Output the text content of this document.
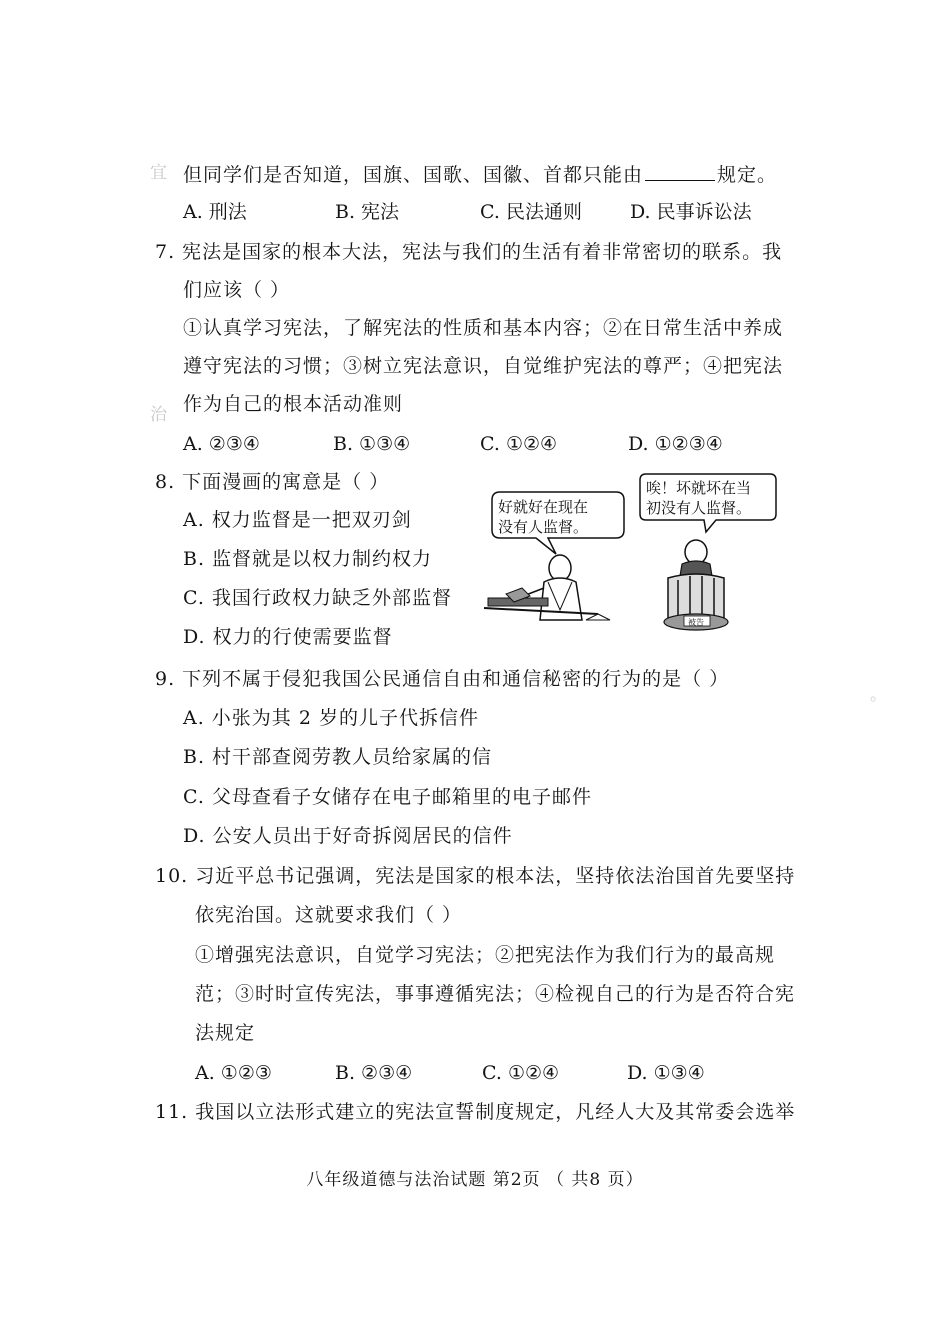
宜
治
。
但同学们是否知道，国旗、国歌、国徽、首都只能由	规定。
A. 刑法	B. 宪法	C. 民法通则	D. 民事诉讼法
7. 宪法是国家的根本大法，宪法与我们的生活有着非常密切的联系。我
们应该（ ）
①认真学习宪法，了解宪法的性质和基本内容；②在日常生活中养成
遵守宪法的习惯；③树立宪法意识，自觉维护宪法的尊严；④把宪法
作为自己的根本活动准则
A. ②③④	B. ①③④	C. ①②④	D. ①②③④
8. 下面漫画的寓意是（ ）
A. 权力监督是一把双刃剑
B. 监督就是以权力制约权力
C. 我国行政权力缺乏外部监督
D. 权力的行使需要监督
好就好在现在
没有人监督。
唉！坏就坏在当
初没有人监督。
被告
9. 下列不属于侵犯我国公民通信自由和通信秘密的行为的是（ ）
A. 小张为其 2 岁的儿子代拆信件
B. 村干部查阅劳教人员给家属的信
C. 父母查看子女储存在电子邮箱里的电子邮件
D. 公安人员出于好奇拆阅居民的信件
10. 习近平总书记强调，宪法是国家的根本法，坚持依法治国首先要坚持
依宪治国。这就要求我们（ ）
①增强宪法意识，自觉学习宪法；②把宪法作为我们行为的最高规
范；③时时宣传宪法，事事遵循宪法；④检视自己的行为是否符合宪
法规定
A. ①②③	B. ②③④	C. ①②④	D. ①③④
11. 我国以立法形式建立的宪法宣誓制度规定，凡经人大及其常委会选举
八年级道德与法治试题 第2页 （ 共8 页）
